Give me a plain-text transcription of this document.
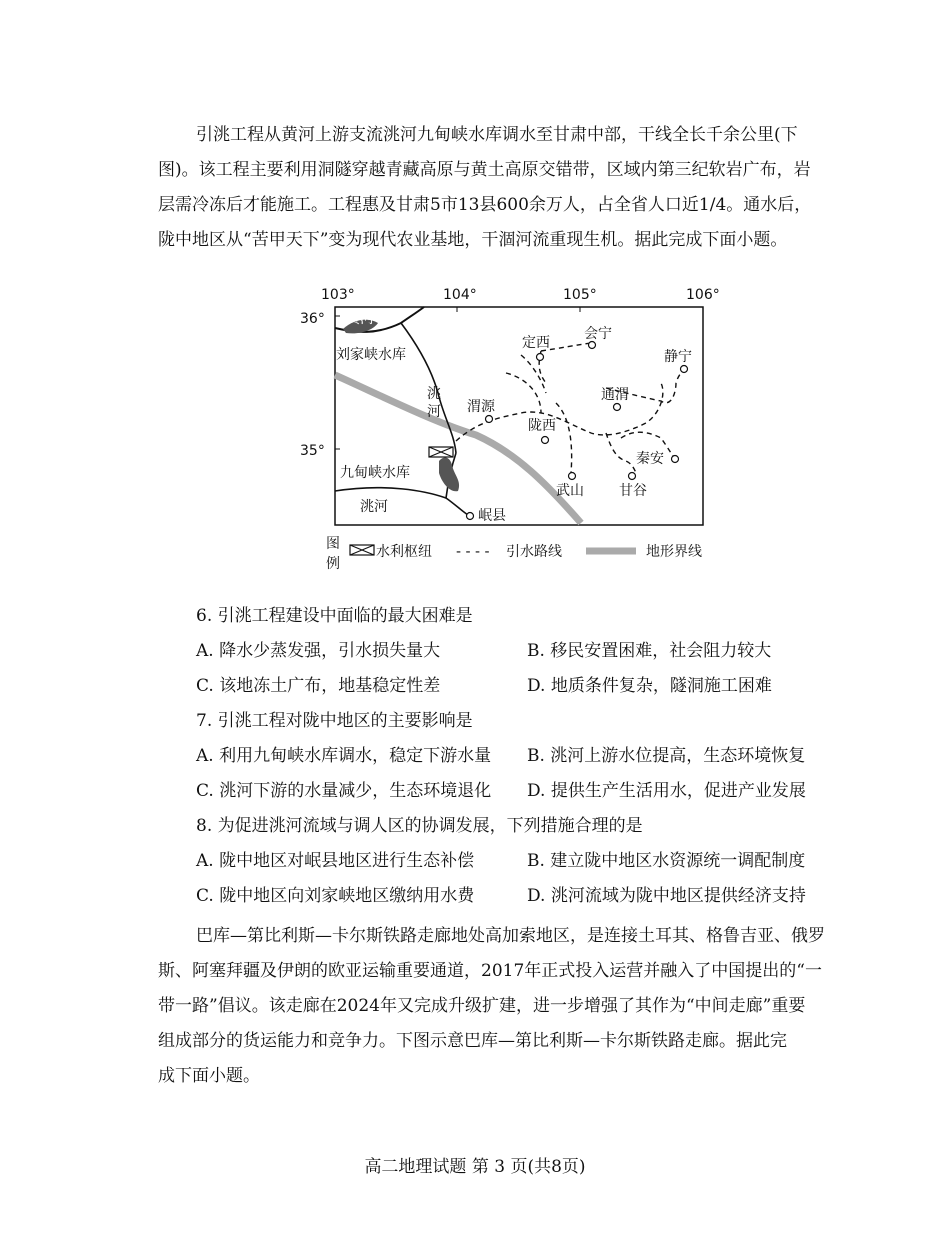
引洮工程从黄河上游支流洮河九甸峡水库调水至甘肃中部，干线全长千余公里(下
图)。该工程主要利用洞隧穿越青藏高原与黄土高原交错带，区域内第三纪软岩广布，岩
层需冷冻后才能施工。工程惠及甘肃5市13县600余万人，占全省人口近1/4。通水后，
陇中地区从“苦甲天下”变为现代农业基地，干涸河流重现生机。据此完成下面小题。
103°	104°	105°	106°
36°
35°
黄河
刘家峡水库
洮
河 渭源
定西
会宁
静宁
通渭
陇西
秦安
甘谷
武山
九甸峡水库
洮河
岷县
图
例
水利枢纽 - - - - 引水路线	地形界线
6. 引洮工程建设中面临的最大困难是
A. 降水少蒸发强，引水损失量大	B. 移民安置困难，社会阻力较大
C. 该地冻土广布，地基稳定性差	D. 地质条件复杂，隧洞施工困难
7. 引洮工程对陇中地区的主要影响是
A. 利用九甸峡水库调水，稳定下游水量 B. 洮河上游水位提高，生态环境恢复
C. 洮河下游的水量减少，生态环境退化 D. 提供生产生活用水，促进产业发展
8. 为促进洮河流域与调人区的协调发展，下列措施合理的是
A. 陇中地区对岷县地区进行生态补偿	B. 建立陇中地区水资源统一调配制度
C. 陇中地区向刘家峡地区缴纳用水费	D. 洮河流域为陇中地区提供经济支持
巴库—第比利斯—卡尔斯铁路走廊地处高加索地区，是连接土耳其、格鲁吉亚、俄罗
斯、阿塞拜疆及伊朗的欧亚运输重要通道，2017年正式投入运营并融入了中国提出的“一
带一路”倡议。该走廊在2024年又完成升级扩建，进一步增强了其作为“中间走廊”重要
组成部分的货运能力和竞争力。下图示意巴库—第比利斯—卡尔斯铁路走廊。据此完
成下面小题。
高二地理试题 第 3 页(共8页)
